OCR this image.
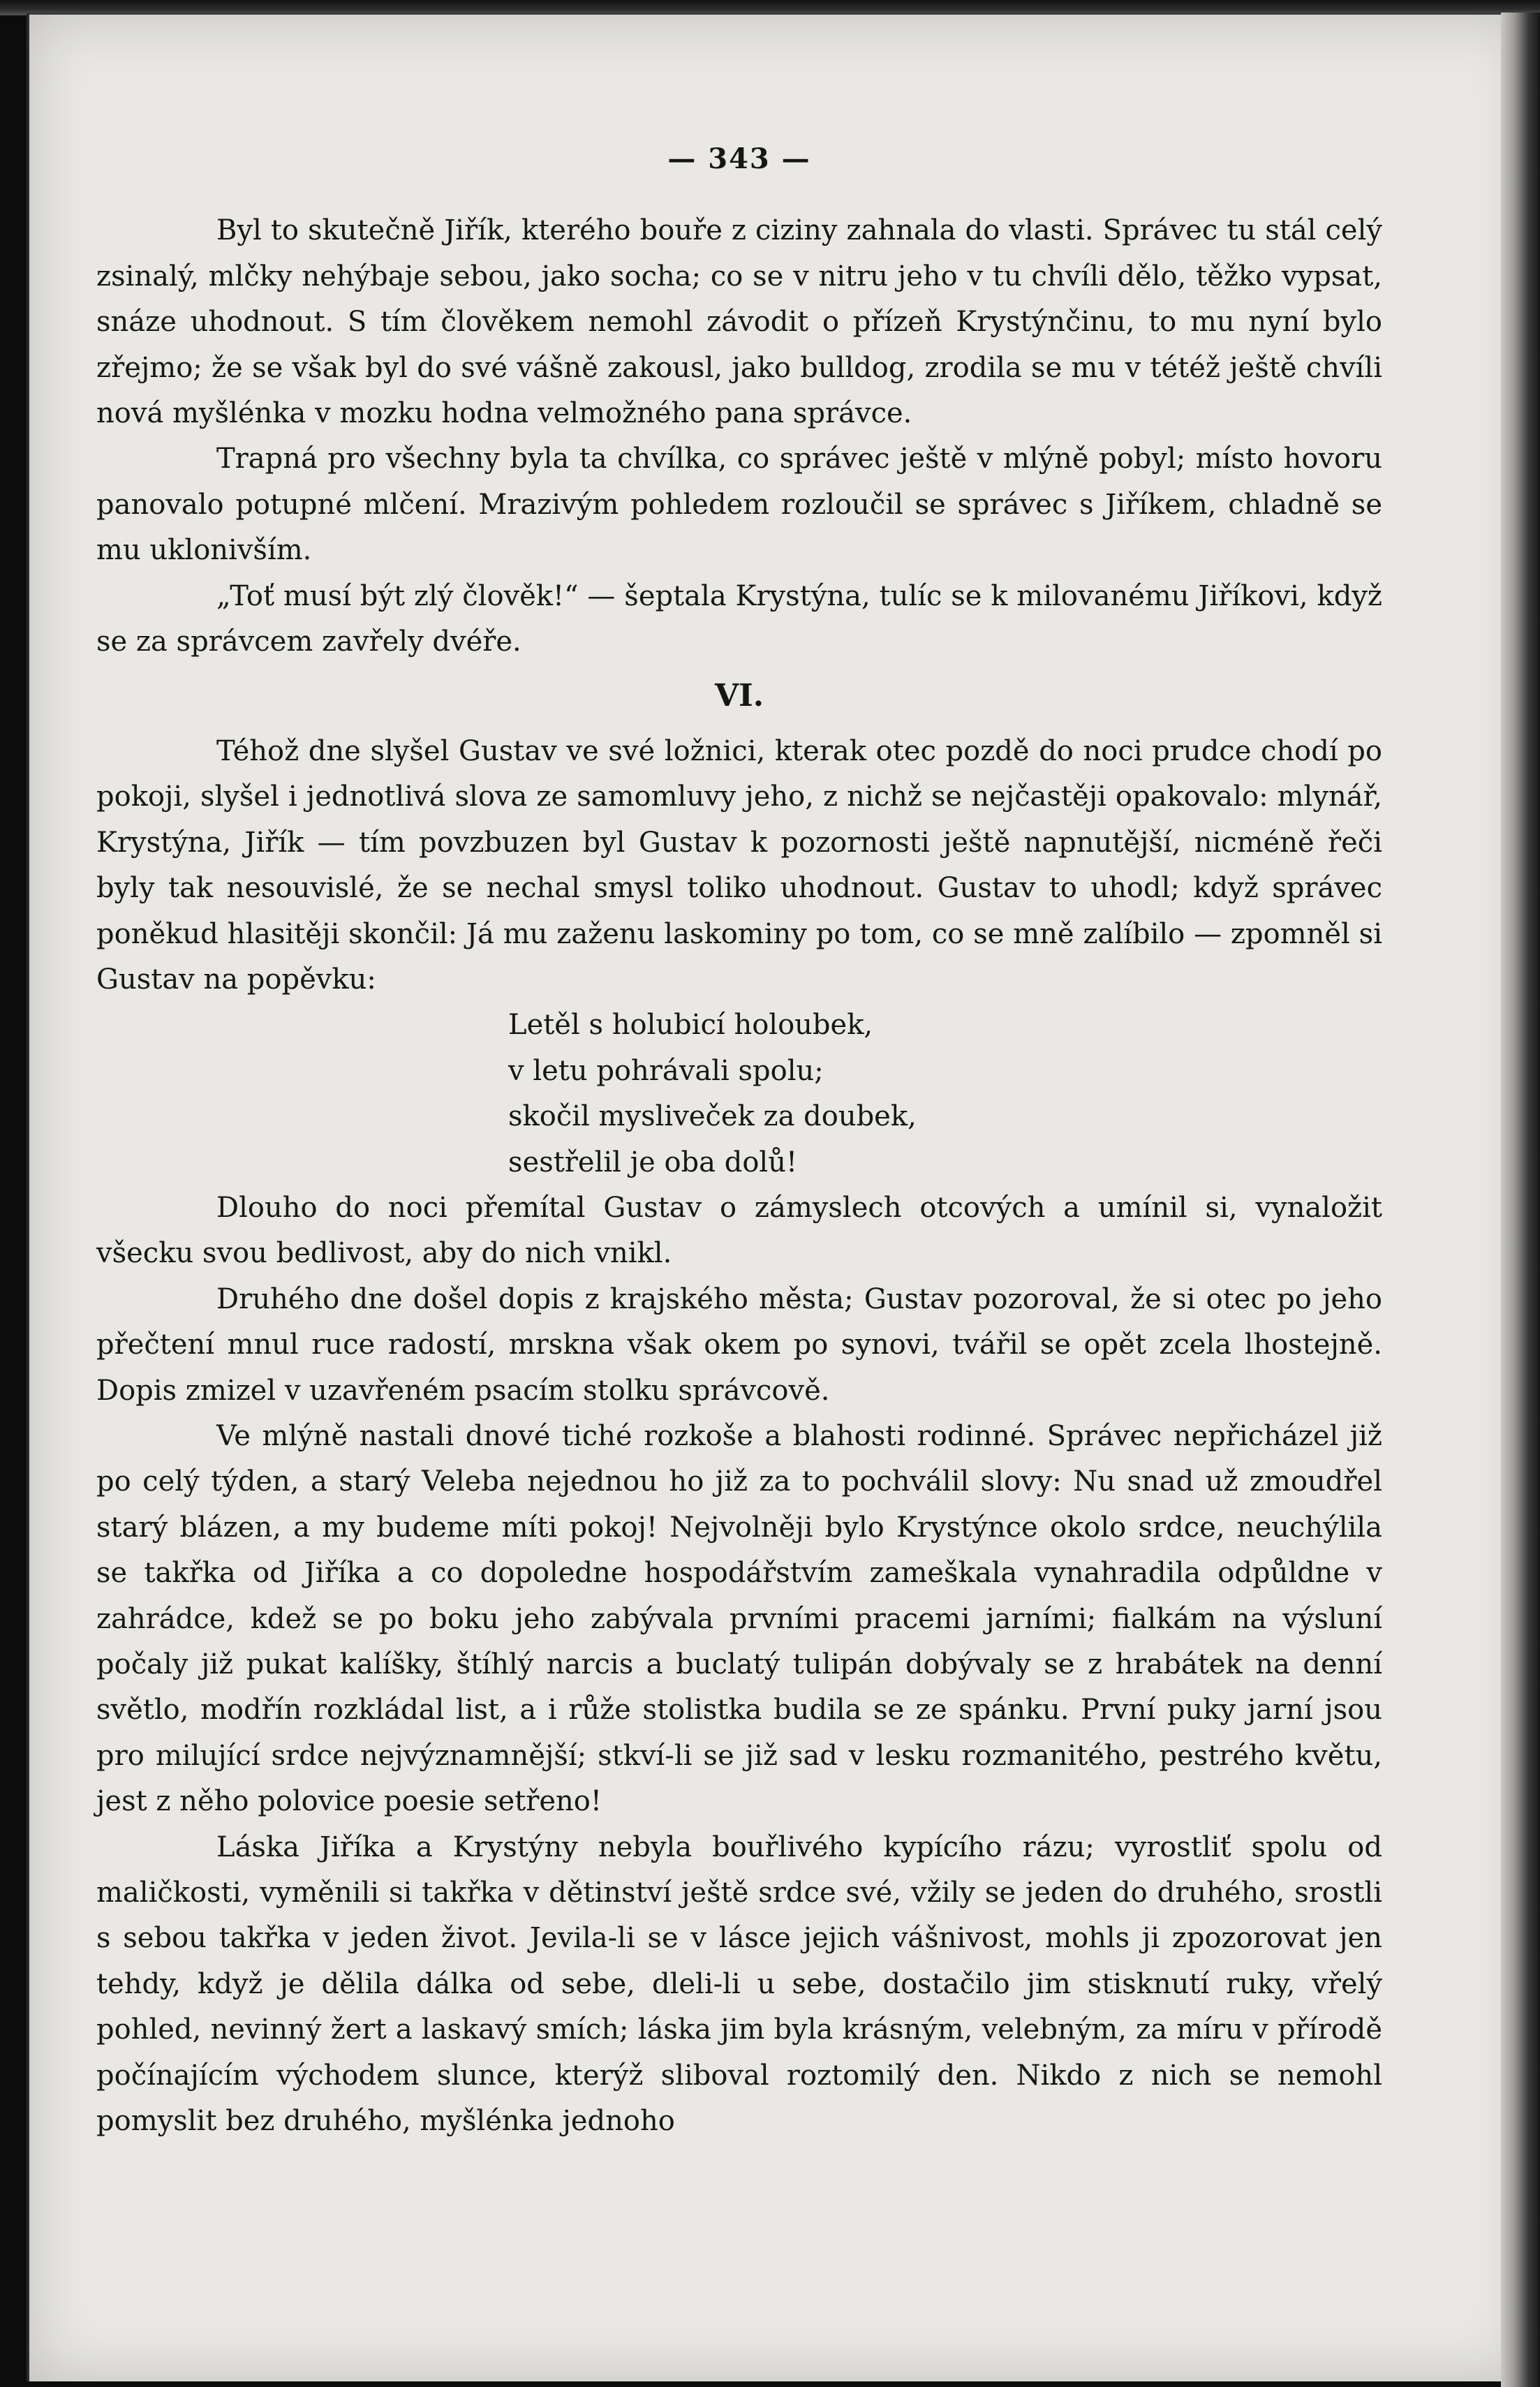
— 343 —

Byl to skutečně Jiřík, kterého bouře z ciziny zahnala do vlasti. Správec tu stál celý zsinalý, mlčky nehýbaje sebou, jako socha; co se v nitru jeho v tu chvíli dělo, těžko vypsat, snáze uhodnout. S tím člověkem nemohl závodit o přízeň Krystýnčinu, to mu nyní bylo zřejmo; že se však byl do své vášně zakousl, jako bulldog, zrodila se mu v tétéž ještě chvíli nová myšlénka v mozku hodna velmožného pana správce.

Trapná pro všechny byla ta chvílka, co správec ještě v mlýně pobyl; místo hovoru panovalo potupné mlčení. Mrazivým pohledem rozloučil se správec s Jiříkem, chladně se mu uklonivším.

„Toť musí být zlý člověk!“ — šeptala Krystýna, tulíc se k milovanému Jiříkovi, když se za správcem zavřely dvéře.

VI.

Téhož dne slyšel Gustav ve své ložnici, kterak otec pozdě do noci prudce chodí po pokoji, slyšel i jednotlivá slova ze samomluvy jeho, z nichž se nejčastěji opakovalo: mlynář, Krystýna, Jiřík — tím povzbuzen byl Gustav k pozornosti ještě napnutější, nicméně řeči byly tak nesouvislé, že se nechal smysl toliko uhodnout. Gustav to uhodl; když správec poněkud hlasitěji skončil: Já mu zaženu laskominy po tom, co se mně zalíbilo — zpomněl si Gustav na popěvku:

Letěl s holubicí holoubek,
v letu pohrávali spolu;
skočil mysliveček za doubek,
sestřelil je oba dolů!

Dlouho do noci přemítal Gustav o zámyslech otcových a umínil si, vynaložit všecku svou bedlivost, aby do nich vnikl.

Druhého dne došel dopis z krajského města; Gustav pozoroval, že si otec po jeho přečtení mnul ruce radostí, mrskna však okem po synovi, tvářil se opět zcela lhostejně. Dopis zmizel v uzavřeném psacím stolku správcově.

Ve mlýně nastali dnové tiché rozkoše a blahosti rodinné. Správec nepřicházel již po celý týden, a starý Veleba nejednou ho již za to pochválil slovy: Nu snad už zmoudřel starý blázen, a my budeme míti pokoj! Nejvolněji bylo Krystýnce okolo srdce, neuchýlila se takřka od Jiříka a co dopoledne hospodářstvím zameškala vynahradila odpůldne v zahrádce, kdež se po boku jeho zabývala prvními pracemi jarními; fialkám na výsluní počaly již pukat kalíšky, štíhlý narcis a buclatý tulipán dobývaly se z hrabátek na denní světlo, modřín rozkládal list, a i růže stolistka budila se ze spánku. První puky jarní jsou pro milující srdce nejvýznamnější; stkví-li se již sad v lesku rozmanitého, pestrého květu, jest z něho polovice poesie setřeno!

Láska Jiříka a Krystýny nebyla bouřlivého kypícího rázu; vyrostliť spolu od maličkosti, vyměnili si takřka v dětinství ještě srdce své, vžily se jeden do druhého, srostli s sebou takřka v jeden život. Jevila-li se v lásce jejich vášnivost, mohls ji zpozorovat jen tehdy, když je dělila dálka od sebe, dleli-li u sebe, dostačilo jim stisknutí ruky, vřelý pohled, nevinný žert a laskavý smích; láska jim byla krásným, velebným, za míru v přírodě počínajícím východem slunce, kterýž sliboval roztomilý den. Nikdo z nich se nemohl pomyslit bez druhého, myšlénka jednoho
